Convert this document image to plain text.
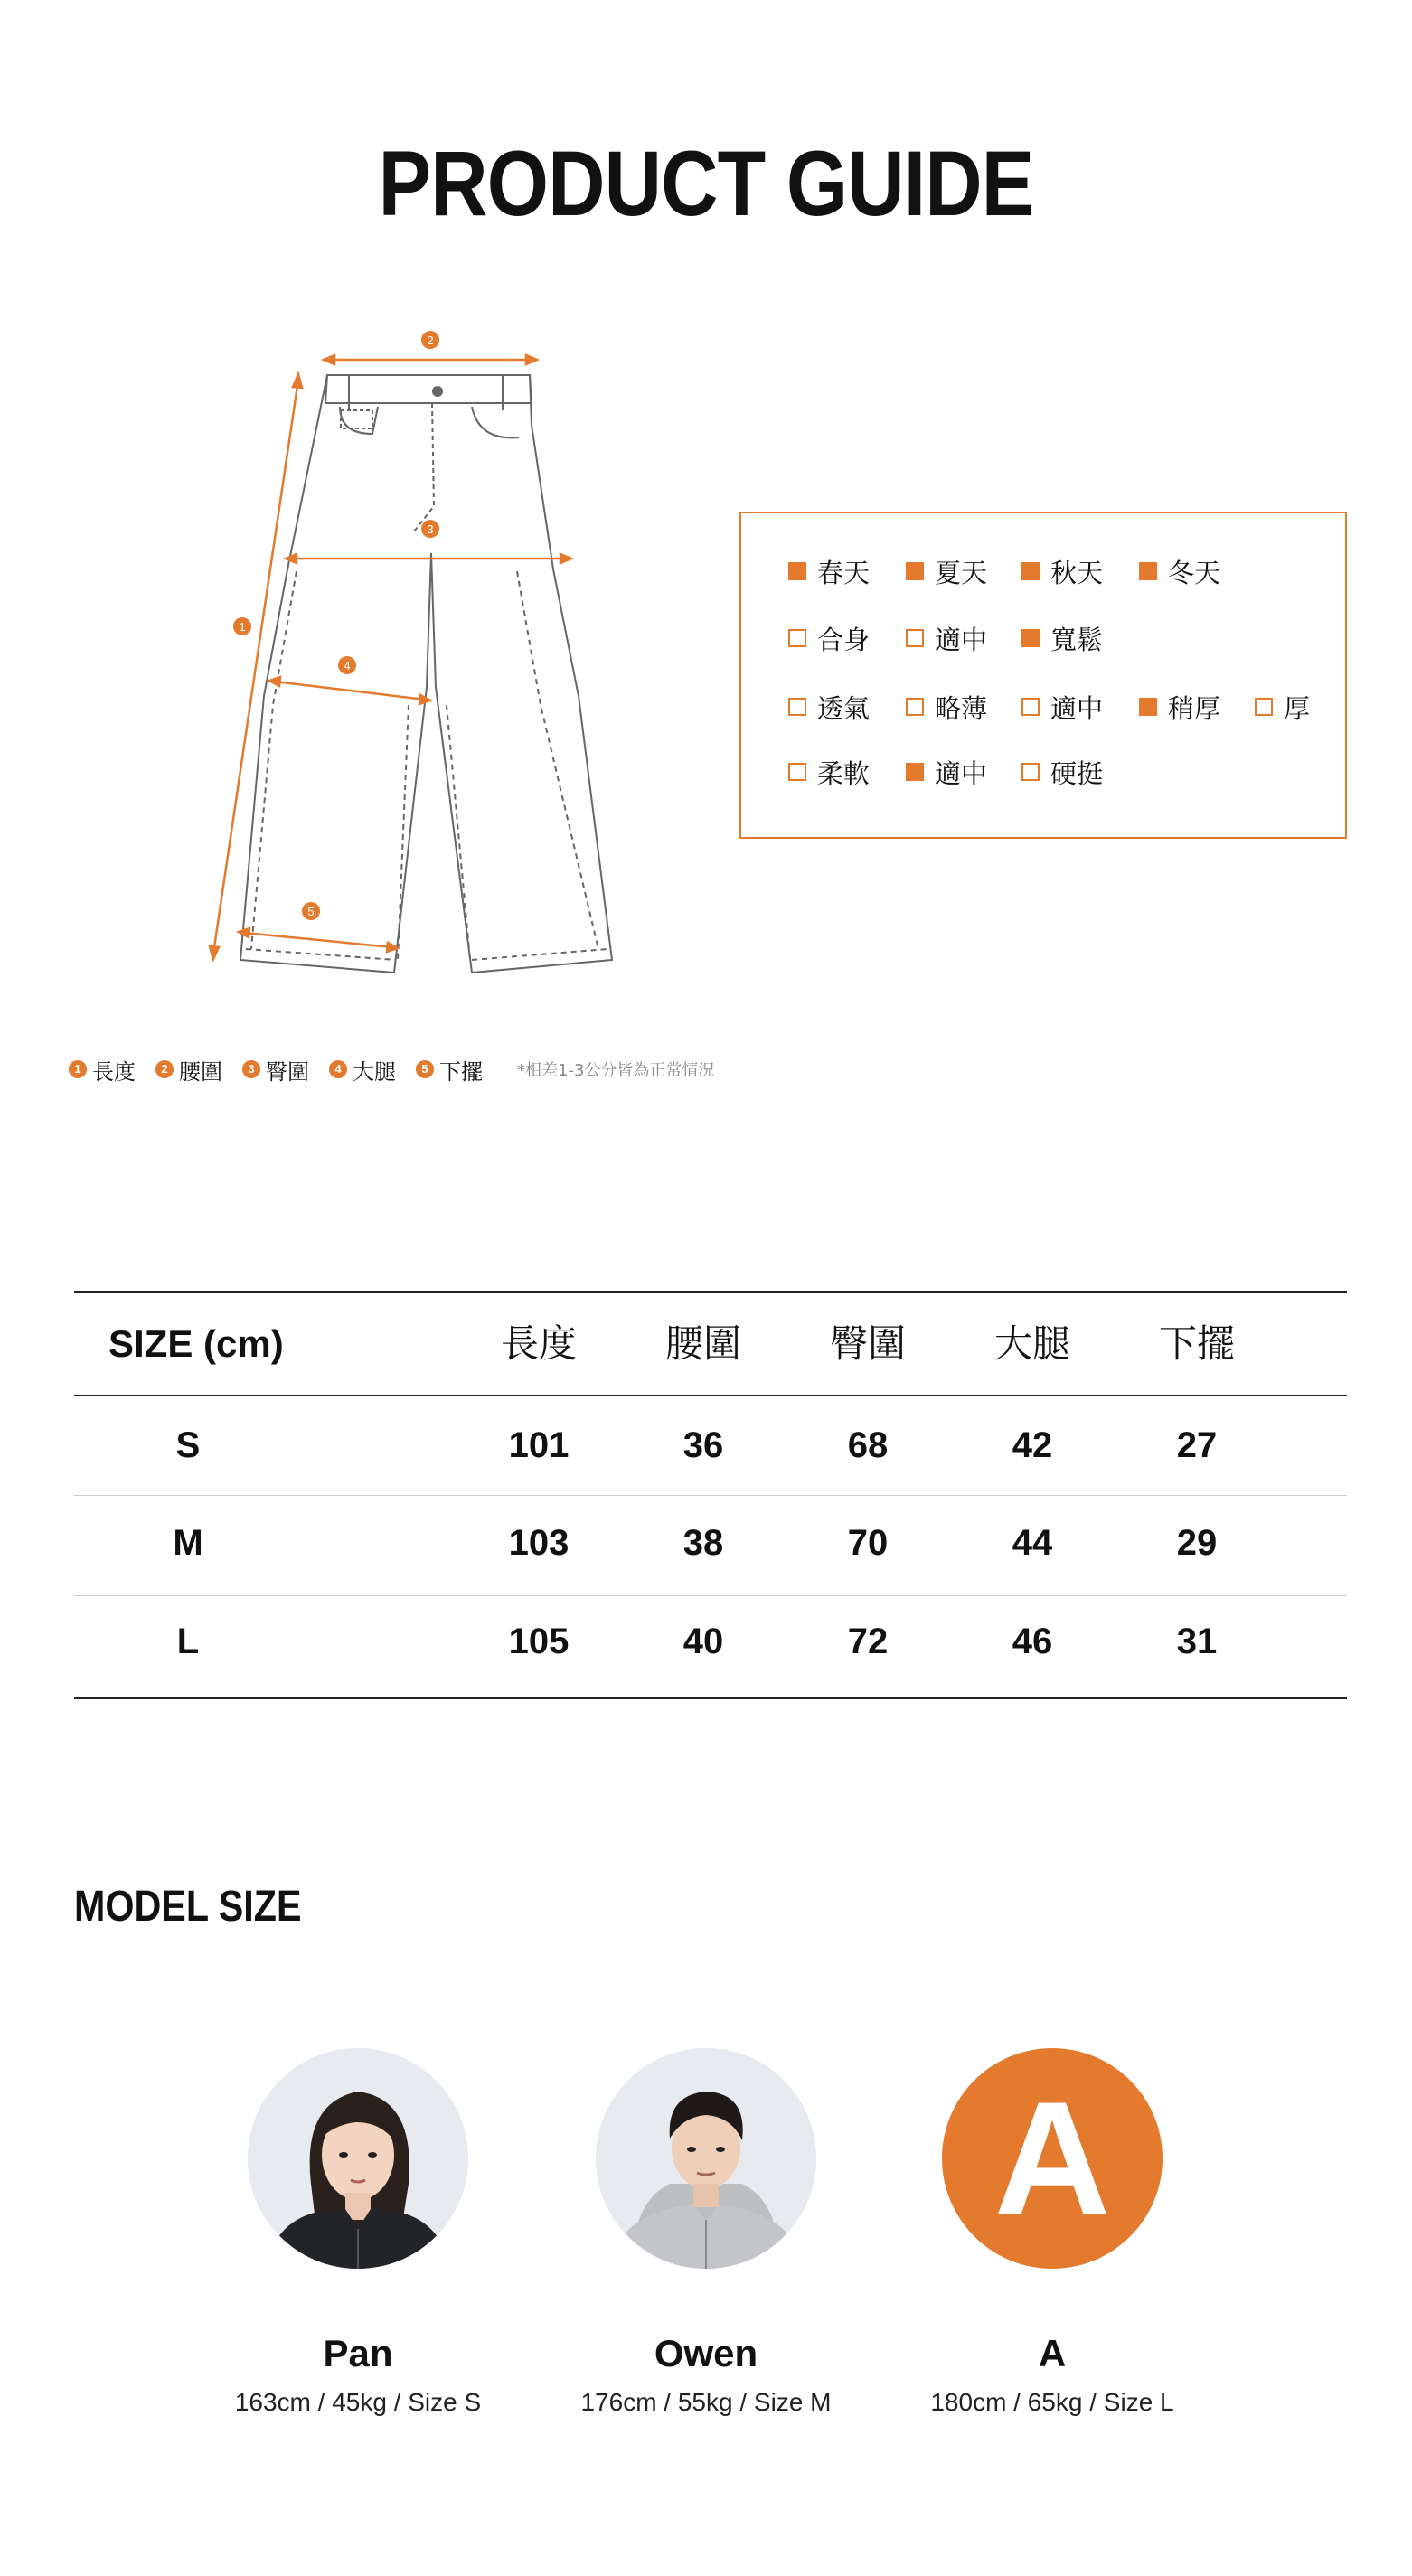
PRODUCT GUIDE
1
2
3
4
5
春天 夏天 秋天 冬天
合身 適中 寬鬆
透氣 略薄 適中 稍厚 厚
柔軟 適中 硬挺
1 長度	2 腰圍	3 臀圍	4 大腿	5 下擺 *相差1-3公分皆為正常情況
SIZE (cm)	長度	腰圍	臀圍	大腿	下擺
S	101	36	68	42	27
M	103	38	70	44	29
L	105	40	72	46	31
MODEL SIZE
Pan
163cm / 45kg / Size S
Owen
176cm / 55kg / Size M
A
A
180cm / 65kg / Size L
